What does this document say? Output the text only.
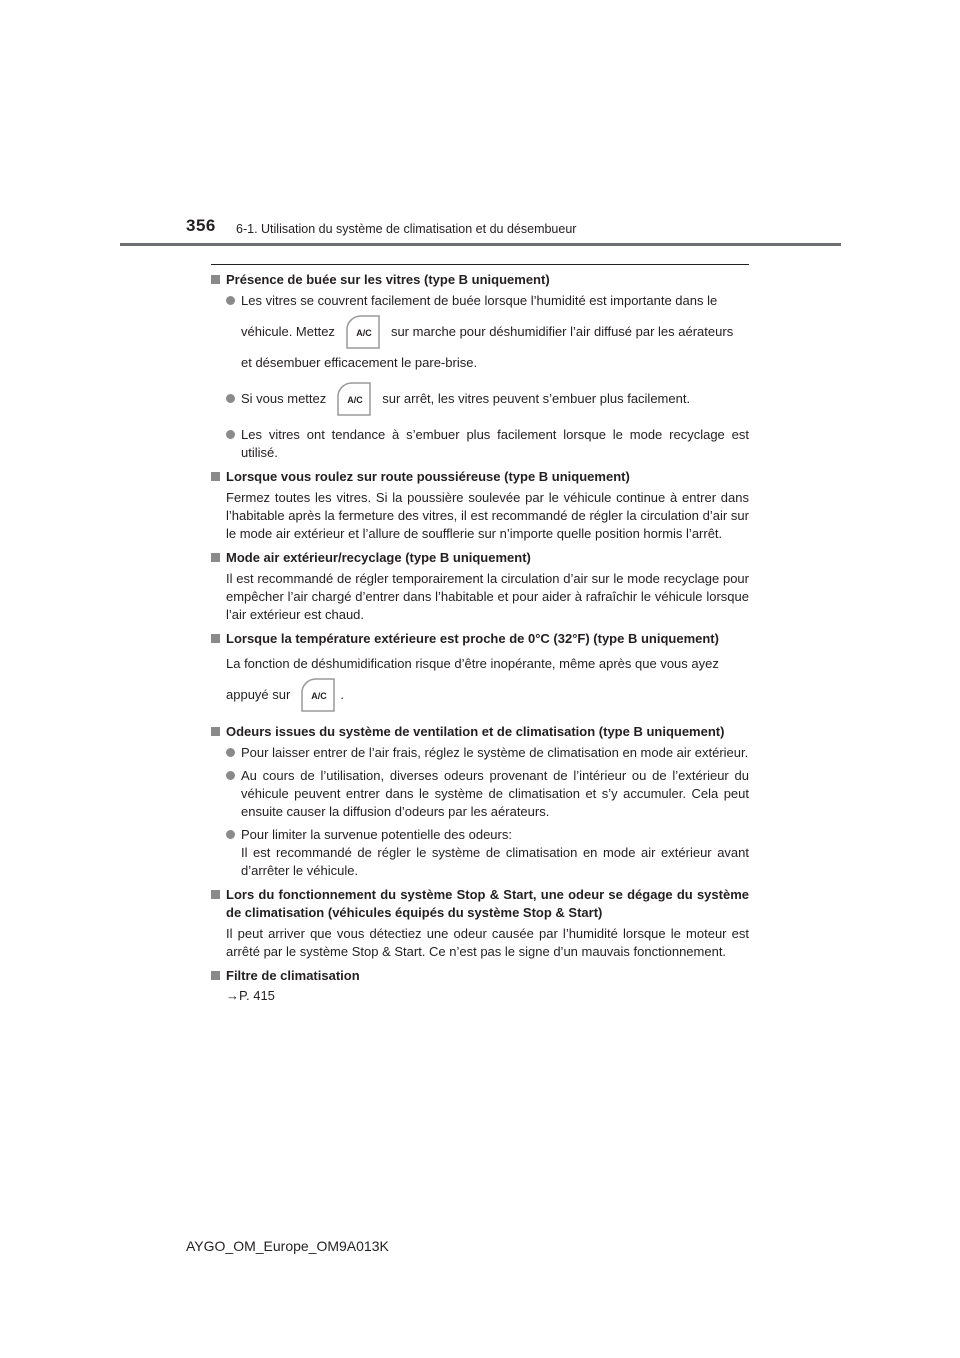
356 6-1. Utilisation du système de climatisation et du désembueur
Présence de buée sur les vitres (type B uniquement)
Les vitres se couvrent facilement de buée lorsque l’humidité est importante dans le
véhicule. Mettez A/C sur marche pour déshumidifier l’air diffusé par les aérateurs
et désembuer efficacement le pare-brise.
Si vous mettez A/C sur arrêt, les vitres peuvent s’embuer plus facilement.
Les vitres ont tendance à s’embuer plus facilement lorsque le mode recyclage est utilisé.
Lorsque vous roulez sur route poussiéreuse (type B uniquement)
Fermez toutes les vitres. Si la poussière soulevée par le véhicule continue à entrer dans l’habitable après la fermeture des vitres, il est recommandé de régler la circulation d’air sur le mode air extérieur et l’allure de soufflerie sur n’importe quelle position hormis l’arrêt.
Mode air extérieur/recyclage (type B uniquement)
Il est recommandé de régler temporairement la circulation d’air sur le mode recyclage pour empêcher l’air chargé d’entrer dans l’habitable et pour aider à rafraîchir le véhicule lorsque l’air extérieur est chaud.
Lorsque la température extérieure est proche de 0°C (32°F) (type B uniquement)
La fonction de déshumidification risque d’être inopérante, même après que vous ayez
appuyé sur A/C .
Odeurs issues du système de ventilation et de climatisation (type B uniquement)
Pour laisser entrer de l’air frais, réglez le système de climatisation en mode air extérieur.
Au cours de l’utilisation, diverses odeurs provenant de l’intérieur ou de l’extérieur du véhicule peuvent entrer dans le système de climatisation et s’y accumuler. Cela peut ensuite causer la diffusion d’odeurs par les aérateurs.
Pour limiter la survenue potentielle des odeurs:
Il est recommandé de régler le système de climatisation en mode air extérieur avant d’arrêter le véhicule.
Lors du fonctionnement du système Stop & Start, une odeur se dégage du système de climatisation (véhicules équipés du système Stop & Start)
Il peut arriver que vous détectiez une odeur causée par l’humidité lorsque le moteur est arrêté par le système Stop & Start. Ce n’est pas le signe d’un mauvais fonctionnement.
Filtre de climatisation
→P. 415
AYGO_OM_Europe_OM9A013K
